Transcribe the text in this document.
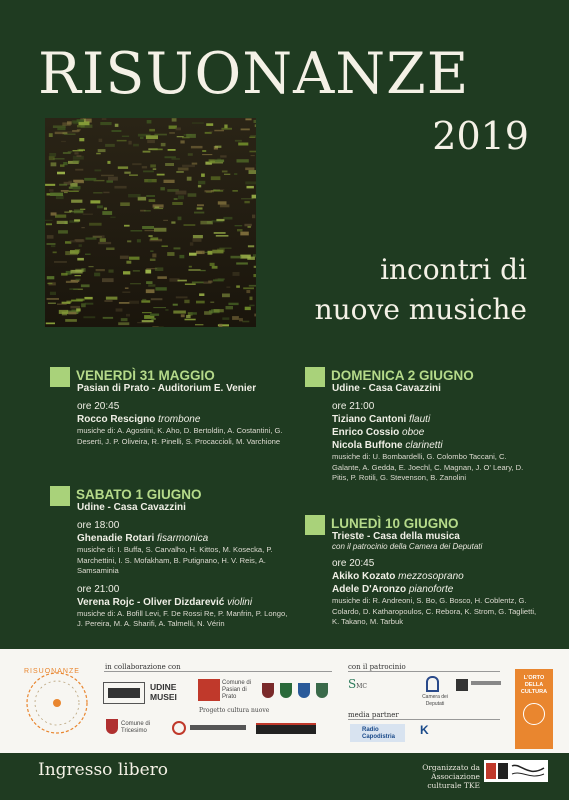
RISUONANZE
2019
incontri di
nuove musiche
VENERDÌ 31 MAGGIO
Pasian di Prato - Auditorium E. Venier
ore 20:45
Rocco Rescigno trombone
musiche di: A. Agostini, K. Aho, D. Bertoldin, A. Costantini, G. Deserti, J. P. Oliveira, R. Pinelli, S. Procaccioli, M. Varchione
SABATO 1 GIUGNO
Udine - Casa Cavazzini
ore 18:00
Ghenadie Rotari fisarmonica
musiche di: I. Buffa, S. Carvalho, H. Kittos, M. Kosecka, P. Marchettini, I. S. Mofakham, B. Putignano, H. V. Reis, A. Samsaminia
ore 21:00
Verena Rojc - Oliver Dizdarević violini
musiche di: A. Bofill Levi, F. De Rossi Re, P. Manfrin, P. Longo, J. Pereira, M. A. Sharifi, A. Talmelli, N. Vérin
DOMENICA 2 GIUGNO
Udine - Casa Cavazzini
ore 21:00
Tiziano Cantoni flauti
Enrico Cossio oboe
Nicola Buffone clarinetti
musiche di: U. Bombardelli, G. Colombo Taccani, C. Galante, A. Gedda, E. Joechl, C. Magnan, J. O' Leary, D. Pitis, P. Rotili, G. Stevenson, B. Zanolini
LUNEDÌ 10 GIUGNO
Trieste - Casa della musica
con il patrocinio della Camera dei Deputati
ore 20:45
Akiko Kozato mezzosoprano
Adele D'Aronzo pianoforte
musiche di: R. Andreoni, S. Bo, G. Bosco, H. Coblentz, G. Colardo, D. Katharopoulos, C. Rebora, K. Strom, G. Taglietti, K. Takano, M. Tarbuk
RISUONANZE
in collaborazione con
UDINE MUSEI
Comune di Pasian di Prato
Progetto cultura nuove
Comune di Tricesimo
con il patrocinio
SMC
Camera dei Deputati
media partner
Radio Capodistria	K
L'ORTO DELLA CULTURA
Ingresso libero	Organizzato da Associazione culturale TKE
